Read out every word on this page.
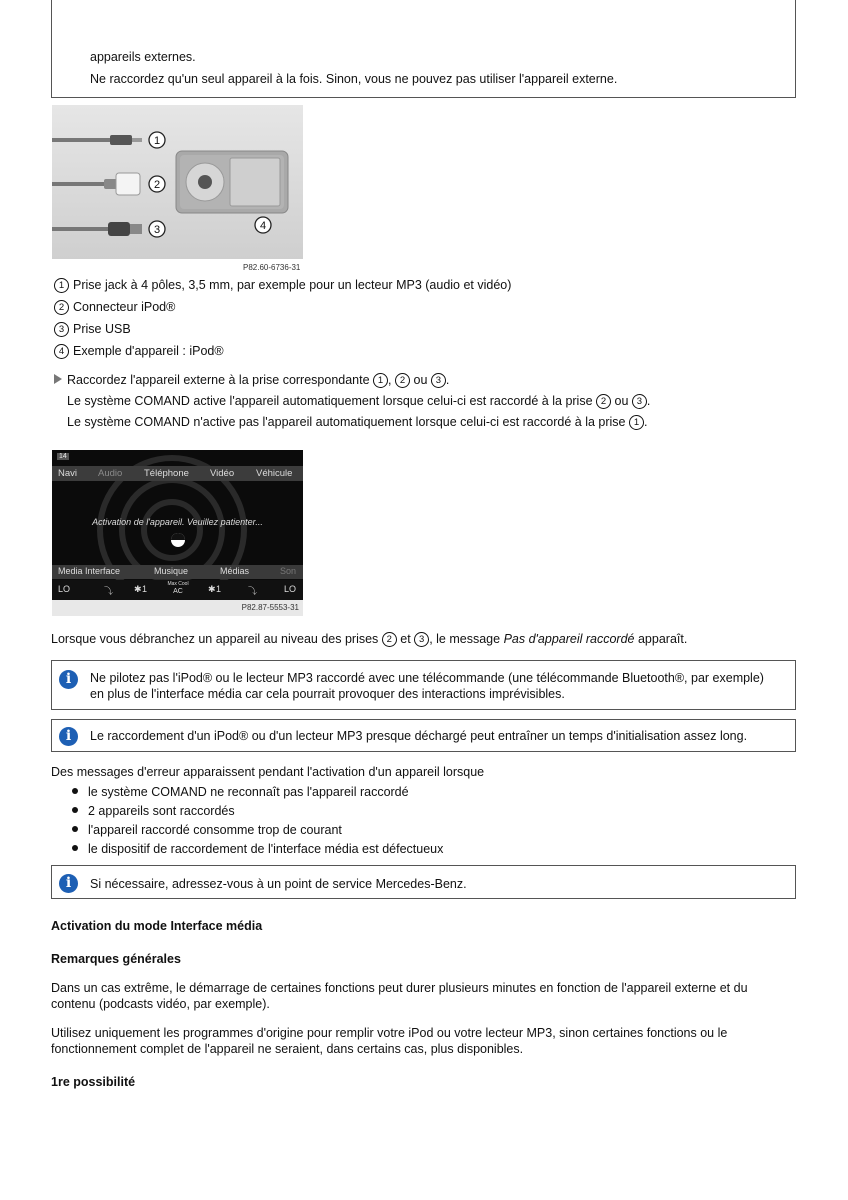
appareils externes.
Ne raccordez qu'un seul appareil à la fois. Sinon, vous ne pouvez pas utiliser l'appareil externe.
1
2
3	4
P82.60-6736-31
1 Prise jack à 4 pôles, 3,5 mm, par exemple pour un lecteur MP3 (audio et vidéo)
2 Connecteur iPod®
3 Prise USB
4 Exemple d'appareil : iPod®
Raccordez l'appareil externe à la prise correspondante 1 , 2 ou 3 .
Le système COMAND active l'appareil automatiquement lorsque celui-ci est raccordé à la prise 2 ou 3 .
Le système COMAND n'active pas l'appareil automatiquement lorsque celui-ci est raccordé à la prise 1 .
14
Navi Audio Téléphone Vidéo Véhicule
Activation de l'appareil. Veuillez patienter...
Media Interface	Musique	Médias	Son
LO	⤵ ✱ 1	Max Cool
AC	✱ 1	⤵	LO
P82.87-5553-31
Lorsque vous débranchez un appareil au niveau des prises 2 et 3 , le message Pas d'appareil raccordé apparaît.
i	Ne pilotez pas l'iPod® ou le lecteur MP3 raccordé avec une télécommande (une télécommande Bluetooth®, par exemple)
en plus de l'interface média car cela pourrait provoquer des interactions imprévisibles.
i	Le raccordement d'un iPod® ou d'un lecteur MP3 presque déchargé peut entraîner un temps d'initialisation assez long.
Des messages d'erreur apparaissent pendant l'activation d'un appareil lorsque
le système COMAND ne reconnaît pas l'appareil raccordé
2 appareils sont raccordés
l'appareil raccordé consomme trop de courant
le dispositif de raccordement de l'interface média est défectueux
i	Si nécessaire, adressez-vous à un point de service Mercedes-Benz.
Activation du mode Interface média
Remarques générales
Dans un cas extrême, le démarrage de certaines fonctions peut durer plusieurs minutes en fonction de l'appareil externe et du
contenu (podcasts vidéo, par exemple).
Utilisez uniquement les programmes d'origine pour remplir votre iPod ou votre lecteur MP3, sinon certaines fonctions ou le
fonctionnement complet de l'appareil ne seraient, dans certains cas, plus disponibles.
1re possibilité
